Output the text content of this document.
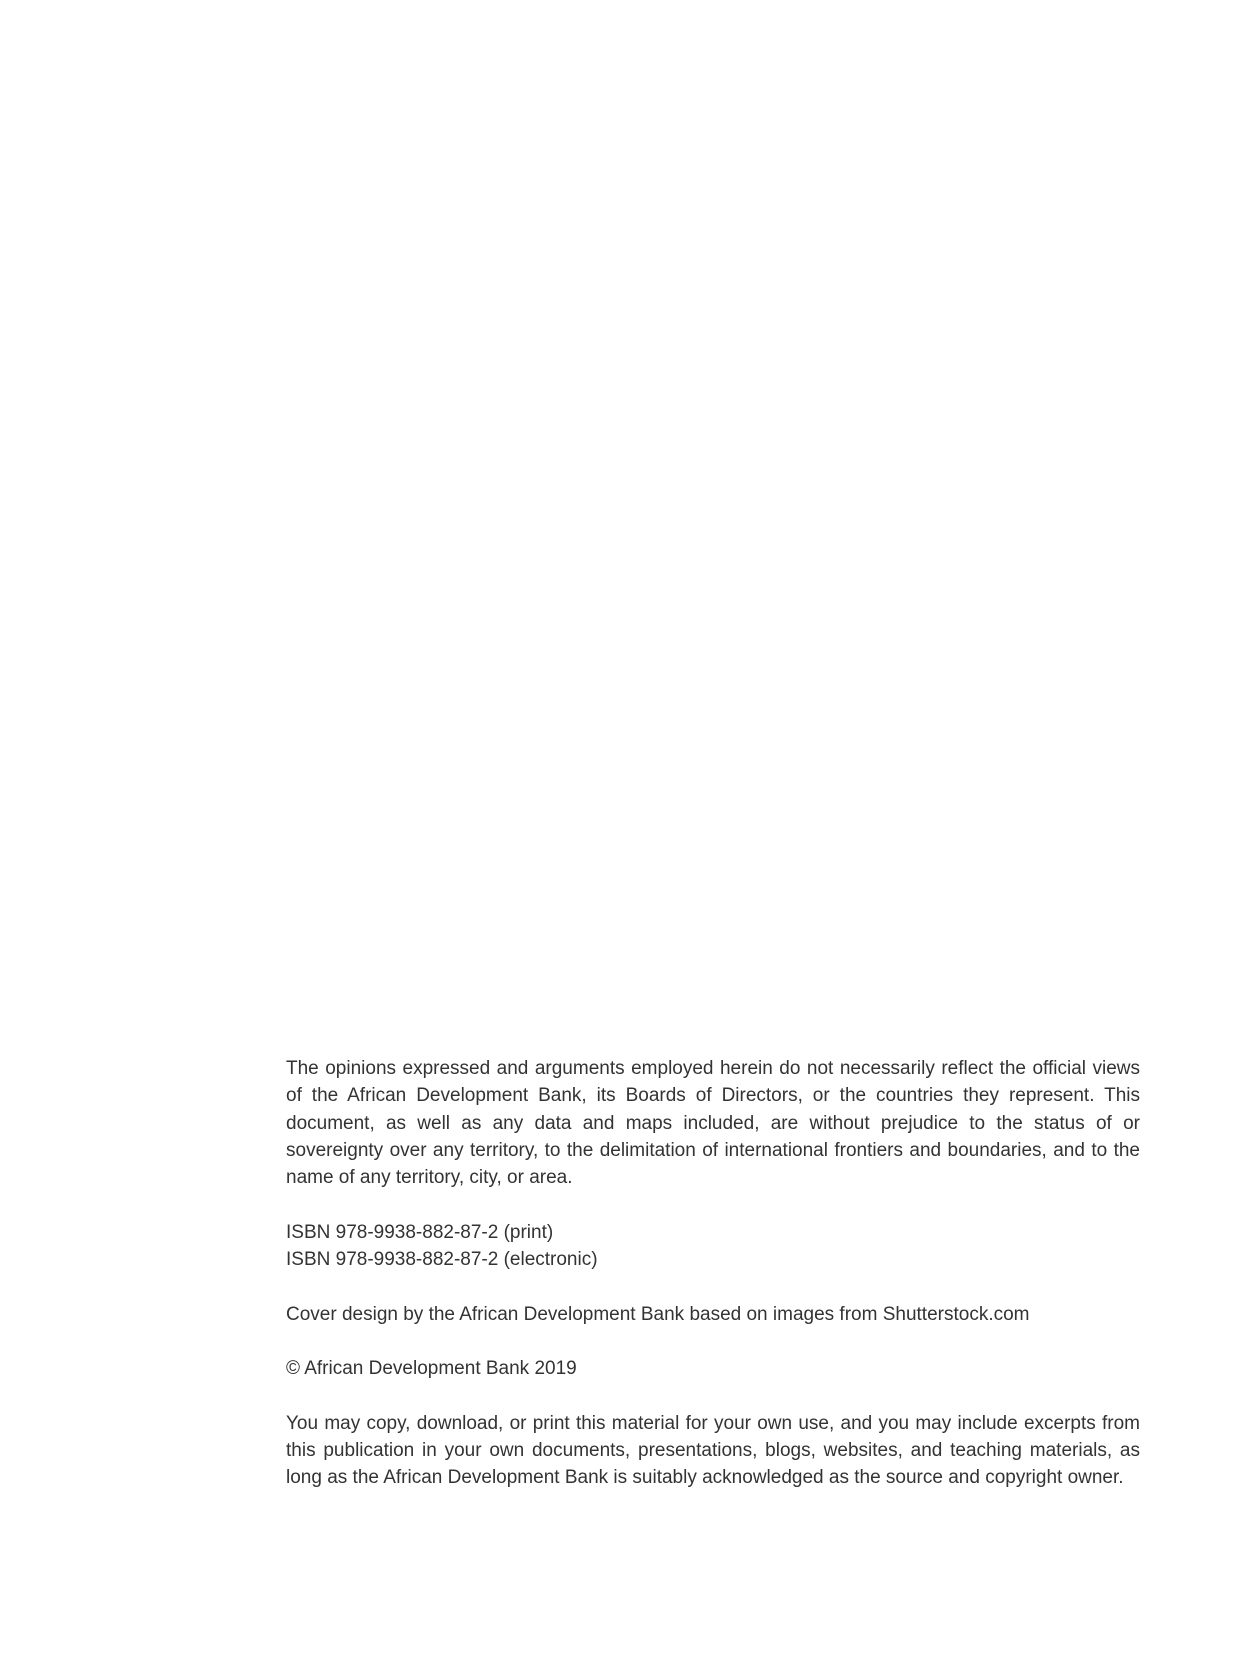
The opinions expressed and arguments employed herein do not necessarily reflect the official views of the African Development Bank, its Boards of Directors, or the countries they represent. This document, as well as any data and maps included, are without prejudice to the status of or sovereignty over any territory, to the delimitation of international frontiers and boundaries, and to the name of any territory, city, or area.

ISBN 978-9938-882-87-2 (print)
ISBN 978-9938-882-87-2 (electronic)

Cover design by the African Development Bank based on images from Shutterstock.com

© African Development Bank 2019

You may copy, download, or print this material for your own use, and you may include excerpts from this publication in your own documents, presentations, blogs, websites, and teaching materials, as long as the African Development Bank is suitably acknowledged as the source and copyright owner.
